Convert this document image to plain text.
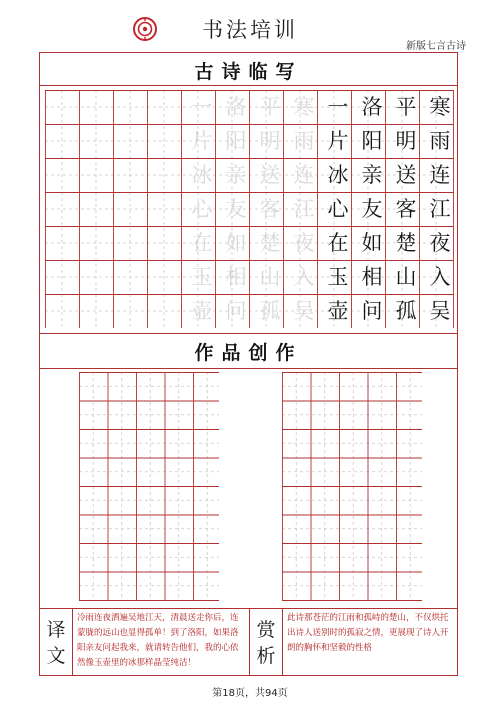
书法培训
新版七言古诗
古诗临写
一
片
冰
心
在
玉
壶
洛
阳
亲
友
如
相
问
平
明
送
客
楚
山
孤
寒
雨
连
江
夜
入
吴
一
片
冰
心
在
玉
壶
洛
阳
亲
友
如
相
问
平
明
送
客
楚
山
孤
寒
雨
连
江
夜
入
吴
作品创作
译
文
冷雨连夜洒遍吴地江天，清晨送走你后，连蒙胧的远山也显得孤单！到了洛阳，如果洛阳亲友问起我来，就请转告他们，我的心依然像玉壶里的冰那样晶莹纯洁！
赏
析
此诗那苍茫的江雨和孤峙的楚山，不仅烘托出诗人送别时的孤寂之情，更展现了诗人开朗的胸怀和坚毅的性格
第18页，共94页
